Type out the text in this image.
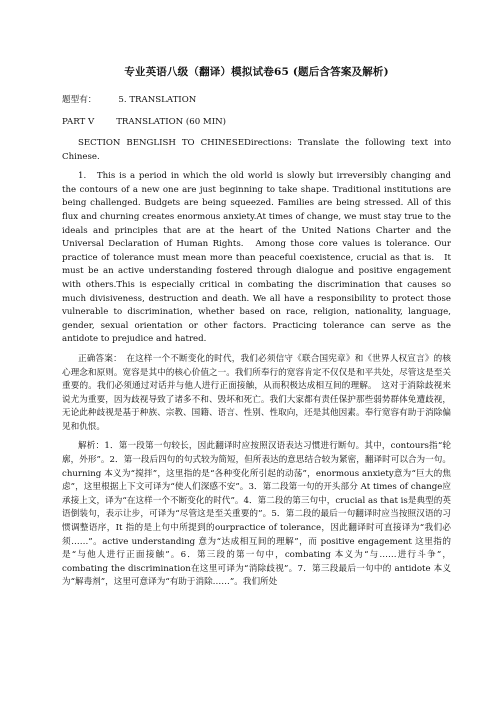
专业英语八级（翻译）模拟试卷65 (题后含答案及解析)
题型有：	5. TRANSLATION
PART V	TRANSLATION (60 MIN)
SECTION BENGLISH TO CHINESEDirections: Translate the following text into Chinese.
1.　This is a period in which the old world is slowly but irreversibly changing and the contours of a new one are just beginning to take shape. Traditional institutions are being challenged. Budgets are being squeezed. Families are being stressed. All of this flux and churning creates enormous anxiety.At times of change, we must stay true to the ideals and principles that are at the heart of the United Nations Charter and the Universal Declaration of Human Rights.　Among those core values is tolerance. Our practice of tolerance must mean more than peaceful coexistence, crucial as that is.　It must be an active understanding fostered through dialogue and positive engagement with others.This is especially critical in combating the discrimination that causes so much divisiveness, destruction and death. We all have a responsibility to protect those vulnerable to discrimination, whether based on race, religion, nationality, language, gender, sexual orientation or other factors. Practicing tolerance can serve as the antidote to prejudice and hatred.
正确答案：　在这样一个不断变化的时代，我们必须信守《联合国宪章》和《世界人权宣言》的核心理念和原则。宽容是其中的核心价值之一。我们所奉行的宽容肯定不仅仅是和平共处，尽管这是至关重要的。我们必须通过对话并与他人进行正面接触，从而积极达成相互间的理解。　这对于消除歧视来说尤为重要，因为歧视导致了诸多不和、毁坏和死亡。我们大家都有责任保护那些弱势群体免遭歧视，无论此种歧视是基于种族、宗教、国籍、语言、性别、性取向，还是其他因素。奉行宽容有助于消除偏见和仇恨。
解析：1．第一段第一句较长，因此翻译时应按照汉语表达习惯进行断句。其中，contours指“轮廓，外形”。2．第一段后四句的句式较为简短，但所表达的意思结合较为紧密，翻译时可以合为一句。churning 本义为“搅拌”，这里指的是“各种变化所引起的动荡”，enormous anxiety意为“巨大的焦虑”，这里根据上下文可译为“使人们深感不安”。3．第二段第一句的开头部分 At times of change应承接上文，译为“在这样一个不断变化的时代”。4．第二段的第三句中，crucial as that is是典型的英语倒装句，表示让步，可译为“尽管这是至关重要的”。5．第二段的最后一句翻译时应当按照汉语的习惯调整语序，It 指的是上句中所提到的ourpractice of tolerance，因此翻译时可直接译为“我们必须……”。active understanding 意为“达成相互间的理解”，而 positive engagement 这里指的是“与他人进行正面接触”。6．第三段的第一句中，combating 本义为“与……进行斗争”，combating the discrimination在这里可译为“消除歧视”。7．第三段最后一句中的 antidote 本义为“解毒剂”，这里可意译为“有助于消除……”。我们所处
